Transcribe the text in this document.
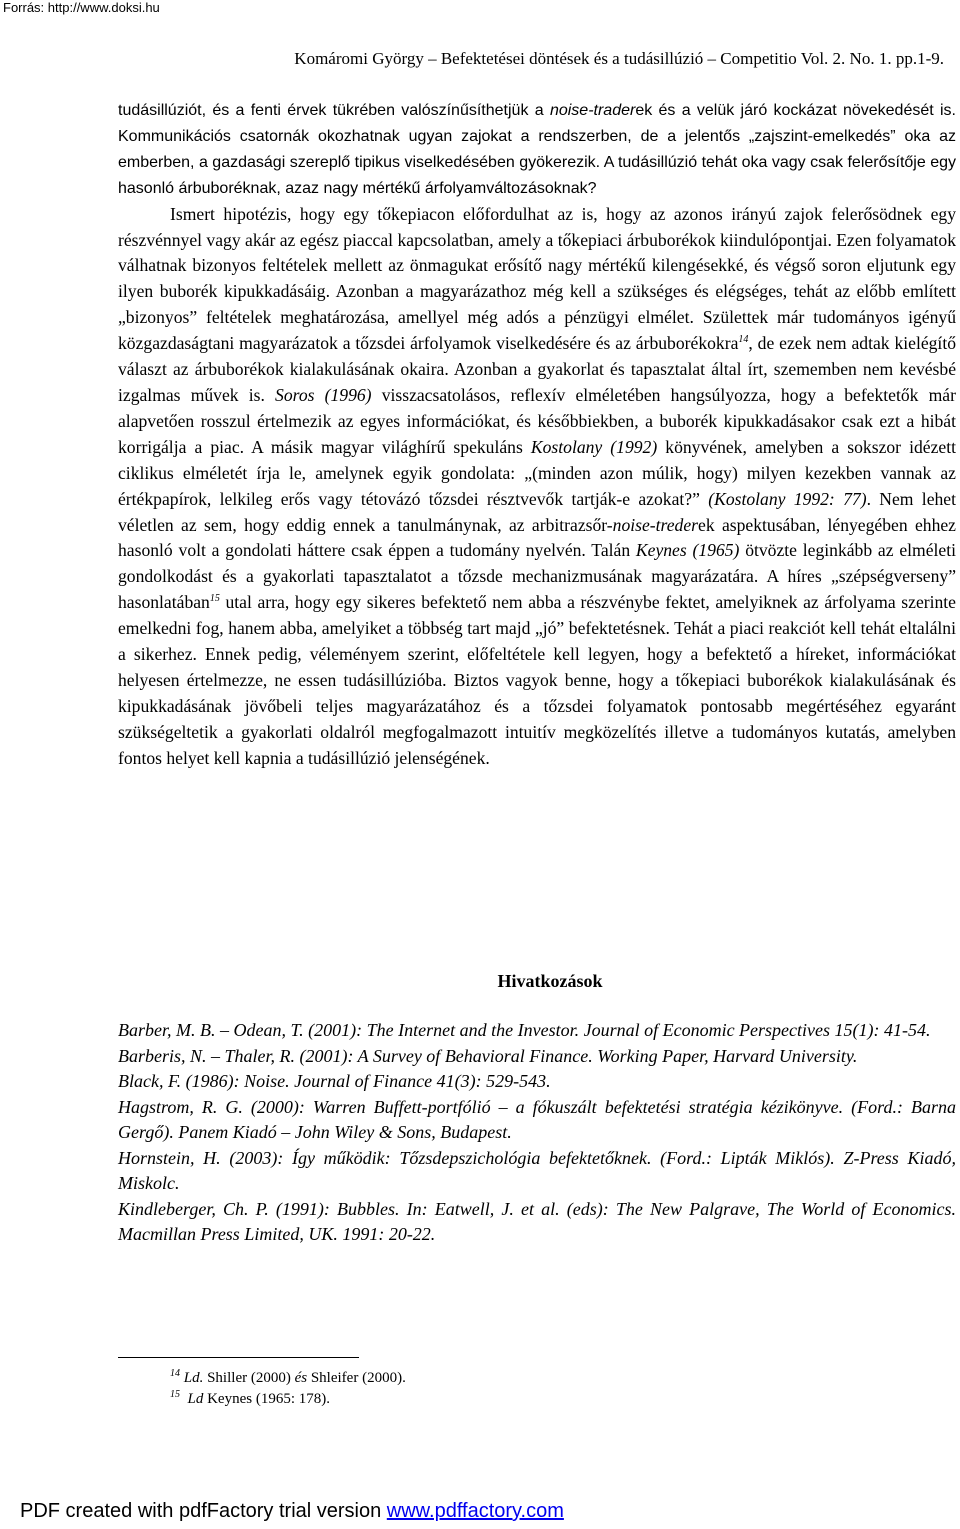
Forrás: http://www.doksi.hu
Komáromi György – Befektetései döntések és a tudásillúzió – Competitio Vol. 2. No. 1. pp.1-9.

tudásillúziót, és a fenti érvek tükrében valószínűsíthetjük a noise-traderek és a velük járó kockázat növekedését is. Kommunikációs csatornák okozhatnak ugyan zajokat a rendszerben, de a jelentős „zajszint-emelkedés” oka az emberben, a gazdasági szereplő tipikus viselkedésében gyökerezik. A tudásillúzió tehát oka vagy csak felerősítője egy hasonló árbuboréknak, azaz nagy mértékű árfolyamváltozásoknak?

Ismert hipotézis, hogy egy tőkepiacon előfordulhat az is, hogy az azonos irányú zajok felerősödnek egy részvénnyel vagy akár az egész piaccal kapcsolatban, amely a tőkepiaci árbuborékok kiindulópontjai. Ezen folyamatok válhatnak bizonyos feltételek mellett az önmagukat erősítő nagy mértékű kilengésekké, és végső soron eljutunk egy ilyen buborék kipukkadásáig. Azonban a magyarázathoz még kell a szükséges és elégséges, tehát az előbb említett „bizonyos” feltételek meghatározása, amellyel még adós a pénzügyi elmélet. Születtek már tudományos igényű közgazdaságtani magyarázatok a tőzsdei árfolyamok viselkedésére és az árbuborékokra$^{14}$, de ezek nem adtak kielégítő választ az árbuborékok kialakulásának okaira. Azonban a gyakorlat és tapasztalat által írt, szememben nem kevésbé izgalmas művek is. Soros (1996) visszacsatolásos, reflexív elméletében hangsúlyozza, hogy a befektetők már alapvetően rosszul értelmezik az egyes információkat, és későbbiekben, a buborék kipukkadásakor csak ezt a hibát korrigálja a piac. A másik magyar világhírű spekuláns Kostolany (1992) könyvének, amelyben a sokszor idézett ciklikus elméletét írja le, amelynek egyik gondolata: „(minden azon múlik, hogy) milyen kezekben vannak az értékpapírok, lelkileg erős vagy tétovázó tőzsdei résztvevők tartják-e azokat?” (Kostolany 1992: 77). Nem lehet véletlen az sem, hogy eddig ennek a tanulmánynak, az arbitrazsőr-noise-trederek aspektusában, lényegében ehhez hasonló volt a gondolati háttere csak éppen a tudomány nyelvén. Talán Keynes (1965) ötvözte leginkább az elméleti gondolkodást és a gyakorlati tapasztalatot a tőzsde mechanizmusának magyarázatára. A híres „szépségverseny” hasonlatában$^{15}$ utal arra, hogy egy sikeres befektető nem abba a részvénybe fektet, amelyiknek az árfolyama szerinte emelkedni fog, hanem abba, amelyiket a többség tart majd „jó” befektetésnek. Tehát a piaci reakciót kell tehát eltalálni a sikerhez. Ennek pedig, véleményem szerint, előfeltétele kell legyen, hogy a befektető a híreket, információkat helyesen értelmezze, ne essen tudásillúzióba. Biztos vagyok benne, hogy a tőkepiaci buborékok kialakulásának és kipukkadásának jövőbeli teljes magyarázatához és a tőzsdei folyamatok pontosabb megértéséhez egyaránt szükségeltetik a gyakorlati oldalról megfogalmazott intuitív megközelítés illetve a tudományos kutatás, amelyben fontos helyet kell kapnia a tudásillúzió jelenségének.

Hivatkozások

Barber, M. B. – Odean, T. (2001): The Internet and the Investor. Journal of Economic Perspectives 15(1): 41-54.

Barberis, N. – Thaler, R. (2001): A Survey of Behavioral Finance. Working Paper, Harvard University.

Black, F. (1986): Noise. Journal of Finance 41(3): 529-543.

Hagstrom, R. G. (2000): Warren Buffett-portfólió – a fókuszált befektetési stratégia kézikönyve. (Ford.: Barna Gergő). Panem Kiadó – John Wiley & Sons, Budapest.

Hornstein, H. (2003): Így működik: Tőzsdepszichológia befektetőknek. (Ford.: Lipták Miklós). Z-Press Kiadó, Miskolc.

Kindleberger, Ch. P. (1991): Bubbles. In: Eatwell, J. et al. (eds): The New Palgrave, The World of Economics. Macmillan Press Limited, UK. 1991: 20-22.

$^{14}$ Ld. Shiller (2000) és Shleifer (2000).
$^{15}$ Ld Keynes (1965: 178).
PDF created with pdfFactory trial version www.pdffactory.com
